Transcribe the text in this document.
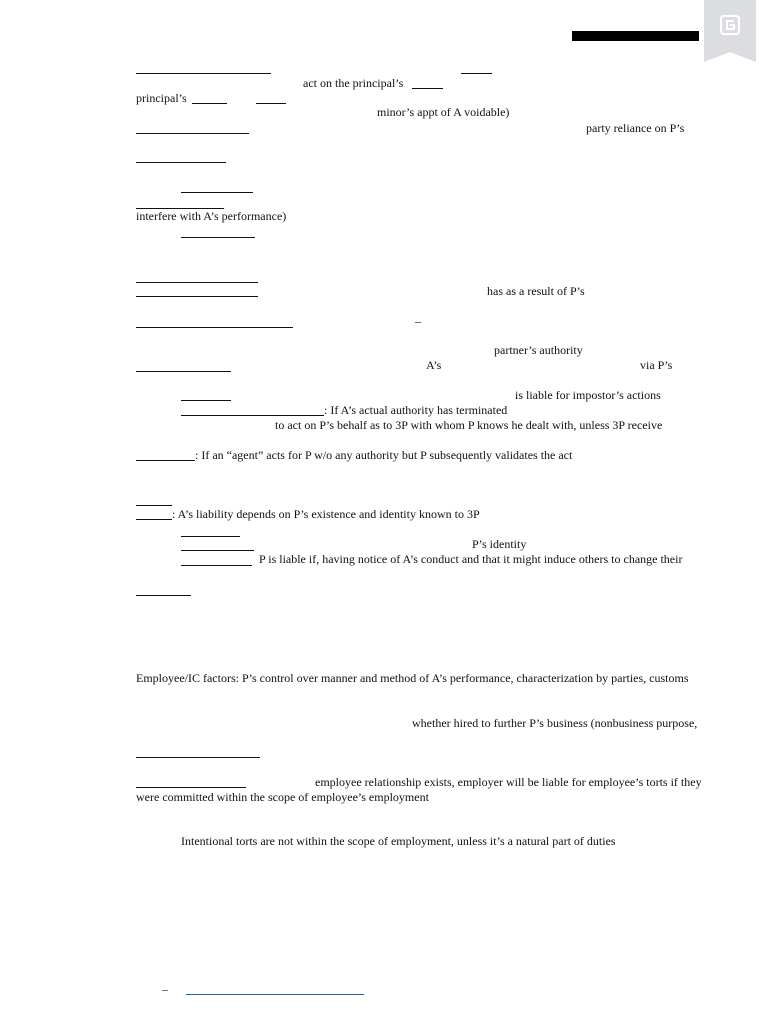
act on the principal’s
principal’s
minor’s appt of A voidable)
party reliance on P’s
interfere with A’s performance)
has as a result of P’s
–
partner’s authority
A’s	via P’s
is liable for impostor’s actions
: If A’s actual authority has terminated
to act on P’s behalf as to 3P with whom P knows he dealt with, unless 3P receive
: If an “agent” acts for P w/o any authority but P subsequently validates the act
: A’s liability depends on P’s existence and identity known to 3P
P’s identity
P is liable if, having notice of A’s conduct and that it might induce others to change their
Employee/IC factors: P’s control over manner and method of A’s performance, characterization by parties, customs
whether hired to further P’s business (nonbusiness purpose,
employee relationship exists, employer will be liable for employee’s torts if they
were committed within the scope of employee’s employment
Intentional torts are not within the scope of employment, unless it’s a natural part of duties
–
